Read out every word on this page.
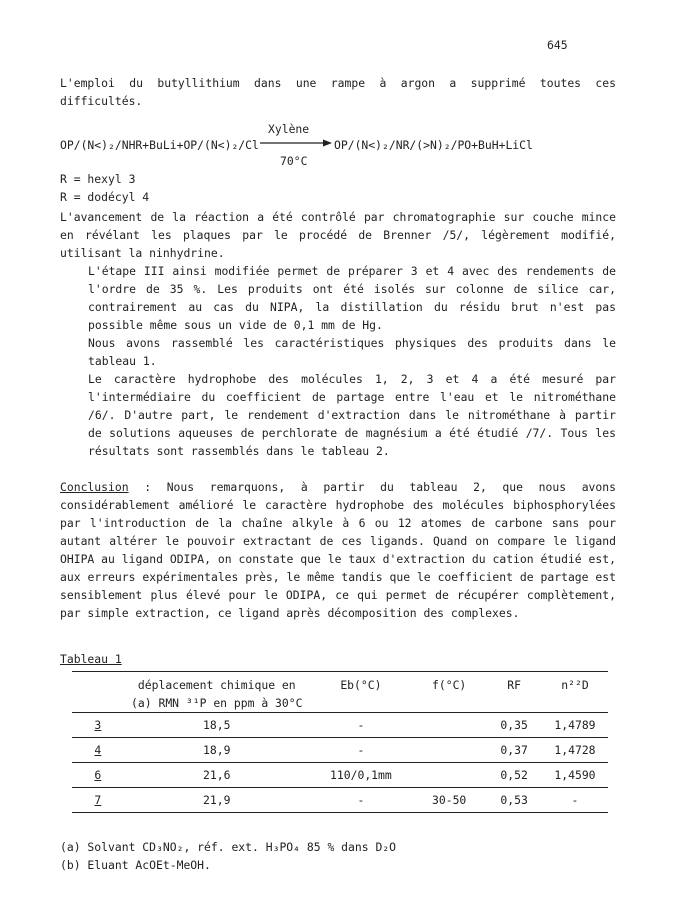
645

L'emploi du butyllithium dans une rampe à argon a supprimé toutes ces difficultés.

OP/(N<)₂/NHR+BuLi+OP/(N<)₂/Cl
Xylène
70°C
OP/(N<)₂/NR/(>N)₂/PO+BuH+LiCl
R = hexyl 3
R = dodécyl 4

L'avancement de la réaction a été contrôlé par chromatographie sur couche mince en révélant les plaques par le procédé de Brenner /5/, légèrement modifié, utilisant la ninhydrine.

L'étape III ainsi modifiée permet de préparer 3 et 4 avec des rendements de l'ordre de 35 %. Les produits ont été isolés sur colonne de silice car, contrairement au cas du NIPA, la distillation du résidu brut n'est pas possible même sous un vide de 0,1 mm de Hg.

Nous avons rassemblé les caractéristiques physiques des produits dans le tableau 1.

Le caractère hydrophobe des molécules 1, 2, 3 et 4 a été mesuré par l'intermédiaire du coefficient de partage entre l'eau et le nitrométhane /6/. D'autre part, le rendement d'extraction dans le nitrométhane à partir de solutions aqueuses de perchlorate de magnésium a été étudié /7/. Tous les résultats sont rassemblés dans le tableau 2.

Conclusion : Nous remarquons, à partir du tableau 2, que nous avons considérablement amélioré le caractère hydrophobe des molécules biphosphorylées par l'introduction de la chaîne alkyle à 6 ou 12 atomes de carbone sans pour autant altérer le pouvoir extractant de ces ligands. Quand on compare le ligand OHIPA au ligand ODIPA, on constate que le taux d'extraction du cation étudié est, aux erreurs expérimentales près, le même tandis que le coefficient de partage est sensiblement plus élevé pour le ODIPA, ce qui permet de récupérer complètement, par simple extraction, ce ligand après décomposition des complexes.

Tableau 1
	déplacement chimique en (a) RMN ³¹P en ppm à 30°C	Eb(°C)	f(°C)	RF	n²²D
3	18,5	-		0,35	1,4789
4	18,9	-		0,37	1,4728
6	21,6	110/0,1mm		0,52	1,4590
7	21,9	-	30-50	0,53	-

(a) Solvant CD₃NO₂, réf. ext. H₃PO₄ 85 % dans D₂O

(b) Eluant AcOEt-MeOH.
